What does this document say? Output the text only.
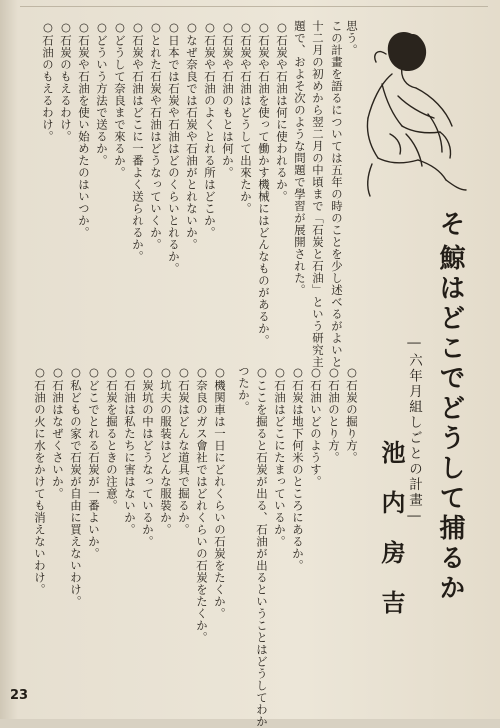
そ
鯨はどこでどうして捕るか
―六年月組しごとの計畫―
池内房吉
思う。
この計畫を語るについては五年の時のことを少し述べるがよいと
十二月の初めから翌二月の中頃まで「石炭と石油」という研究主
題で、およそ次のような問題で學習が展開された。
○石炭や石油は何に使われるか。
○石炭や石油を使って働かす機械にはどんなものがあるか。
○石炭や石油はどうして出來たか。
○石炭や石油のもとは何か。
○石炭や石油のよくとれる所はどこか。
○なぜ奈良では石炭や石油がとれないか。
○日本では石炭や石油はどのくらいとれるか。
○とれた石炭や石油はどうなっていくか。
○石炭や石油はどこに一番よく送られるか。
○どうして奈良まで來るか。
○どういう方法で送るか。
○石炭や石油を使い始めたのはいつか。
○石炭のもえるわけ。
○石油のもえるわけ。
○石炭の掘り方。
○石油のとり方。
○石油いどのようす。
○石炭は地下何米のところにあるか。
○石油はどこにたまっているか。
○ここを掘ると石炭が出る、石油が出るということはどうしてわか
つたか。
○機関車は一日にどれくらいの石炭をたくか。
○奈良のガス會社ではどれくらいの石炭をたくか。
○石炭はどんな道具で掘るか。
○坑夫の服装はどんな服裝か。
○炭坑の中はどうなっているか。
○石油は私たちに害はないか。
○石炭を掘るときの注意。
○どこでとれる石炭が一番よいか。
○私どもの家で石炭が自由に買えないわけ。
○石油はなぜくさいか。
○石油の火に水をかけても消えないわけ。
23
